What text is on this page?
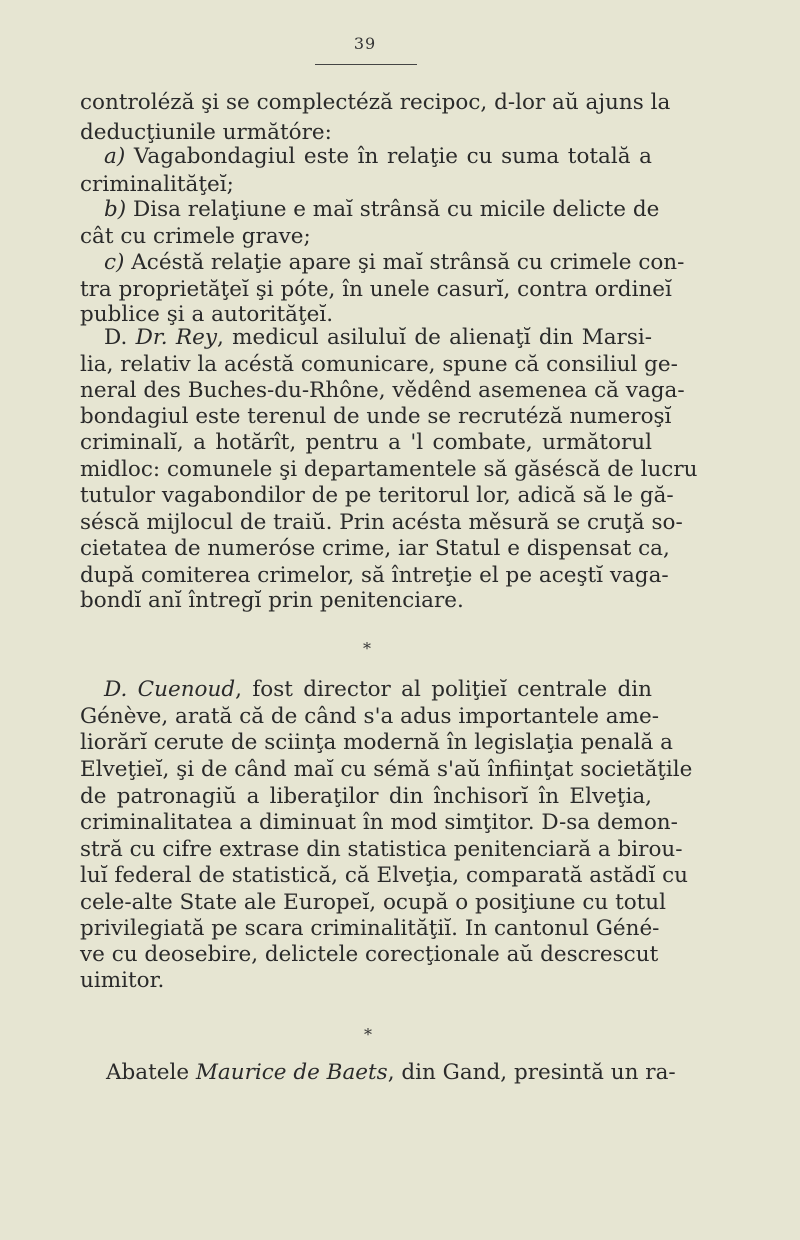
39
controléză şi se complectéză recipoc, d-lor aŭ ajuns la
deducţiunile următóre:
a) Vagabondagiul este în relaţie cu suma totală a
criminalităţeĭ;
b) Disa relaţiune e maĭ strânsă cu micile delicte de
cât cu crimele grave;
c) Acéstă relaţie apare şi maĭ strânsă cu crimele con-
tra proprietăţeĭ şi póte, în unele casurĭ, contra ordineĭ
publice şi a autorităţeĭ.
D. Dr. Rey, medicul asiluluĭ de alienaţĭ din Marsi-
lia, relativ la acéstă comunicare, spune că consiliul ge-
neral des Buches-du-Rhône, vědênd asemenea că vaga-
bondagiul este terenul de unde se recrutéză numeroşĭ
criminalĭ, a hotărît, pentru a 'l combate, următorul
midloc: comunele şi departamentele să găséscă de lucru
tutulor vagabondilor de pe teritorul lor, adică să le gă-
séscă mijlocul de traiŭ. Prin acésta měsură se cruţă so-
cietatea de numeróse crime, iar Statul e dispensat ca,
după comiterea crimelor, să întreţie el pe aceştĭ vaga-
bondĭ anĭ întregĭ prin penitenciare.
*
D. Cuenoud, fost director al poliţieĭ centrale din
Génève, arată că de când s'a adus importantele ame-
liorărĭ cerute de sciinţa modernă în legislaţia penală a
Elveţieĭ, şi de când maĭ cu sémă s'aŭ înfiinţat societăţile
de patronagiŭ a liberaţilor din închisorĭ în Elveţia,
criminalitatea a diminuat în mod simţitor. D-sa demon-
stră cu cifre extrase din statistica penitenciară a birou-
luĭ federal de statistică, că Elveţia, comparată astădĭ cu
cele-alte State ale Europeĭ, ocupă o posiţiune cu totul
privilegiată pe scara criminalităţiĭ. In cantonul Géné-
ve cu deosebire, delictele corecţionale aŭ descrescut
uimitor.
*
Abatele Maurice de Baets, din Gand, presintă un ra-
